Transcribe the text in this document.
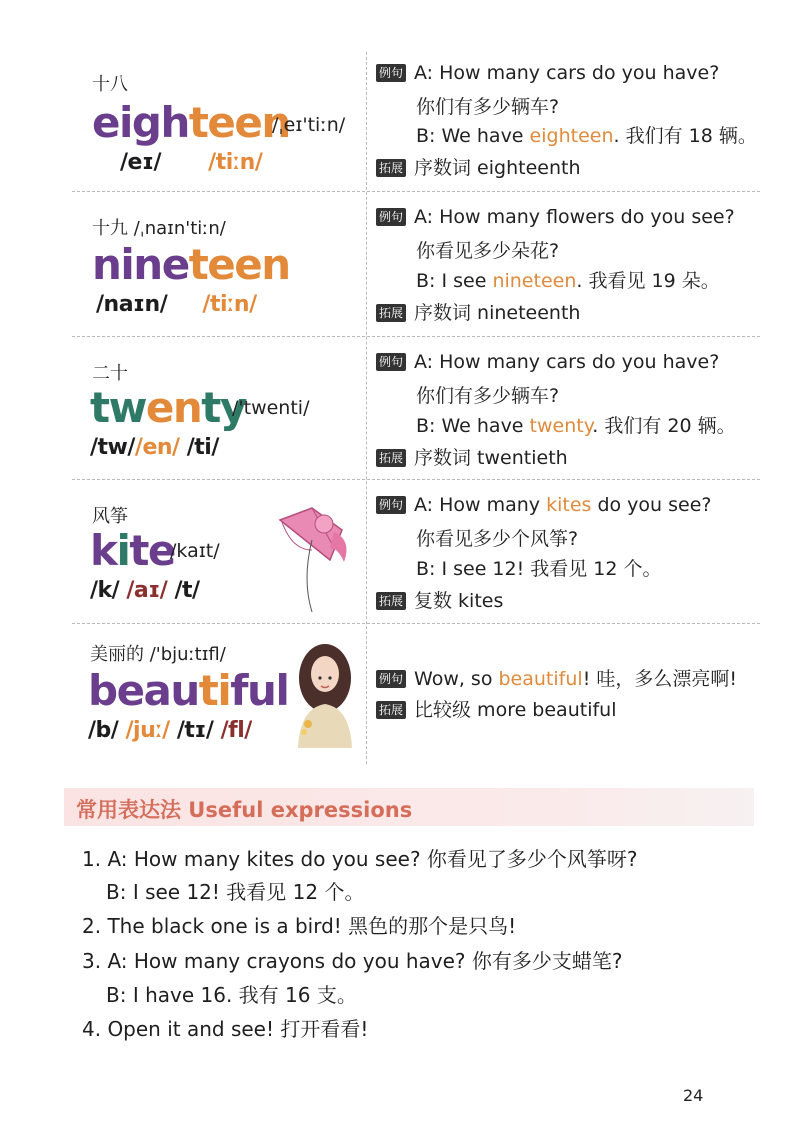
十八
eighteen
/ˌeɪ'tiːn/
/eɪ/ /tiːn/
例句 A: How many cars do you have?
你们有多少辆车?
B: We have eighteen. 我们有 18 辆。
拓展 序数词 eighteenth
十九 /ˌnaɪn'tiːn/
nineteen
/naɪn/ /tiːn/
例句 A: How many flowers do you see?
你看见多少朵花?
B: I see nineteen. 我看见 19 朵。
拓展 序数词 nineteenth
二十
twenty
/'twenti/
/tw//en/ /ti/
例句 A: How many cars do you have?
你们有多少辆车?
B: We have twenty. 我们有 20 辆。
拓展 序数词 twentieth
风筝
kite
/kaɪt/
/k/ /aɪ/ /t/
例句 A: How many kites do you see?
你看见多少个风筝?
B: I see 12! 我看见 12 个。
拓展 复数 kites
美丽的 /'bjuːtɪfl/
beautiful
/b/ /juː/ /tɪ/ /fl/
例句 Wow, so beautiful! 哇，多么漂亮啊!
拓展 比较级 more beautiful
常用表达法 Useful expressions
1. A: How many kites do you see? 你看见了多少个风筝呀?
B: I see 12! 我看见 12 个。
2. The black one is a bird! 黑色的那个是只鸟!
3. A: How many crayons do you have? 你有多少支蜡笔?
B: I have 16. 我有 16 支。
4. Open it and see! 打开看看!
24
